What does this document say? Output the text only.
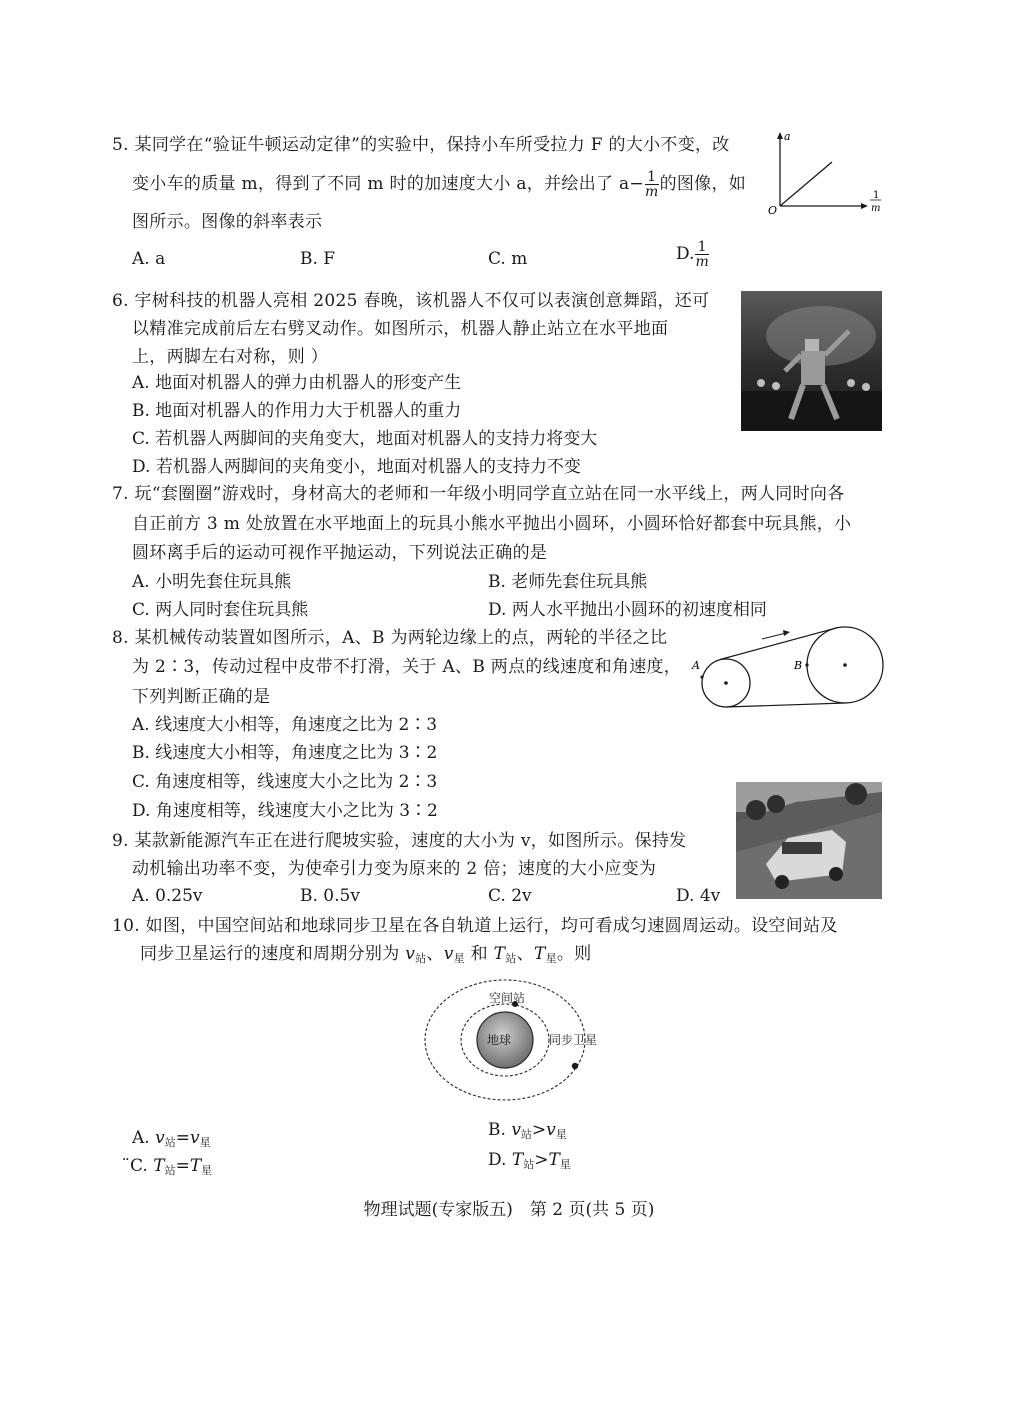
5. 某同学在“验证牛顿运动定律”的实验中，保持小车所受拉力 F 的大小不变，改
变小车的质量 m，得到了不同 m 时的加速度大小 a，并绘出了 $a- \frac{1}{m}$ 的图像，如
图所示。图像的斜率表示
A. a	B. F	C. m	D. $\frac{1}{m}$
a
O
1
m
6. 宇树科技的机器人亮相 2025 春晚，该机器人不仅可以表演创意舞蹈，还可
以精准完成前后左右劈叉动作。如图所示，机器人静止站立在水平地面
上，两脚左右对称，则 ）
A. 地面对机器人的弹力由机器人的形变产生
B. 地面对机器人的作用力大于机器人的重力
C. 若机器人两脚间的夹角变大，地面对机器人的支持力将变大
D. 若机器人两脚间的夹角变小，地面对机器人的支持力不变
7. 玩“套圈圈”游戏时，身材高大的老师和一年级小明同学直立站在同一水平线上，两人同时向各
自正前方 3 m 处放置在水平地面上的玩具小熊水平抛出小圆环，小圆环恰好都套中玩具熊，小
圆环离手后的运动可视作平抛运动，下列说法正确的是
A. 小明先套住玩具熊	B. 老师先套住玩具熊
C. 两人同时套住玩具熊	D. 两人水平抛出小圆环的初速度相同
8. 某机械传动装置如图所示，A、B 为两轮边缘上的点，两轮的半径之比
为 2∶3，传动过程中皮带不打滑，关于 A、B 两点的线速度和角速度，
下列判断正确的是
A. 线速度大小相等，角速度之比为 2∶3
B. 线速度大小相等，角速度之比为 3∶2
C. 角速度相等，线速度大小之比为 2∶3
D. 角速度相等，线速度大小之比为 3∶2
A	B
9. 某款新能源汽车正在进行爬坡实验，速度的大小为 v，如图所示。保持发
动机输出功率不变，为使牵引力变为原来的 2 倍；速度的大小应变为
A. 0.25v	B. 0.5v	C. 2v	D. 4v
10. 如图，中国空间站和地球同步卫星在各自轨道上运行，均可看成匀速圆周运动。设空间站及
同步卫星运行的速度和周期分别为 $v_站$、$v_星$ 和 $T_站$、$T_星$。则
地球
空间站
同步卫星
A. $v_站=v_星$
B. $v_站>v_星$
̈C. $T_站=T_星$
D. $T_站>T_星$
物理试题(专家版五)　第 2 页(共 5 页)
